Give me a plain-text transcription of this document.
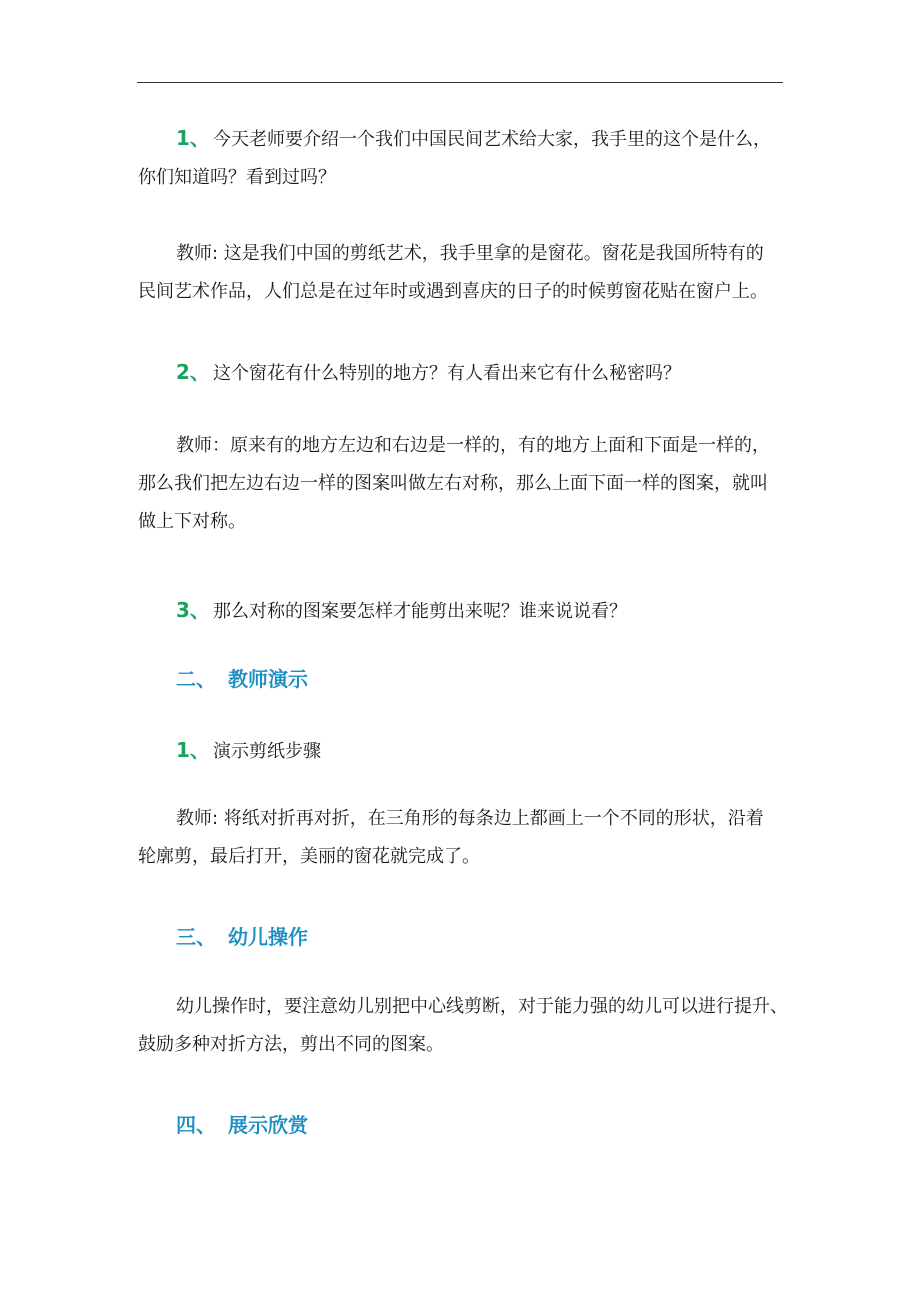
1、 今天老师要介绍一个我们中国民间艺术给大家，我手里的这个是什么，
你们知道吗？看到过吗？
教师: 这是我们中国的剪纸艺术，我手里拿的是窗花。窗花是我国所特有的
民间艺术作品，人们总是在过年时或遇到喜庆的日子的时候剪窗花贴在窗户上。
2、 这个窗花有什么特别的地方？有人看出来它有什么秘密吗？
教师：原来有的地方左边和右边是一样的，有的地方上面和下面是一样的，
那么我们把左边右边一样的图案叫做左右对称，那么上面下面一样的图案，就叫
做上下对称。
3、 那么对称的图案要怎样才能剪出来呢？谁来说说看？
二、 教师演示
1、 演示剪纸步骤
教师: 将纸对折再对折，在三角形的每条边上都画上一个不同的形状，沿着
轮廓剪，最后打开，美丽的窗花就完成了。
三、 幼儿操作
幼儿操作时，要注意幼儿别把中心线剪断，对于能力强的幼儿可以进行提升、
鼓励多种对折方法，剪出不同的图案。
四、 展示欣赏
